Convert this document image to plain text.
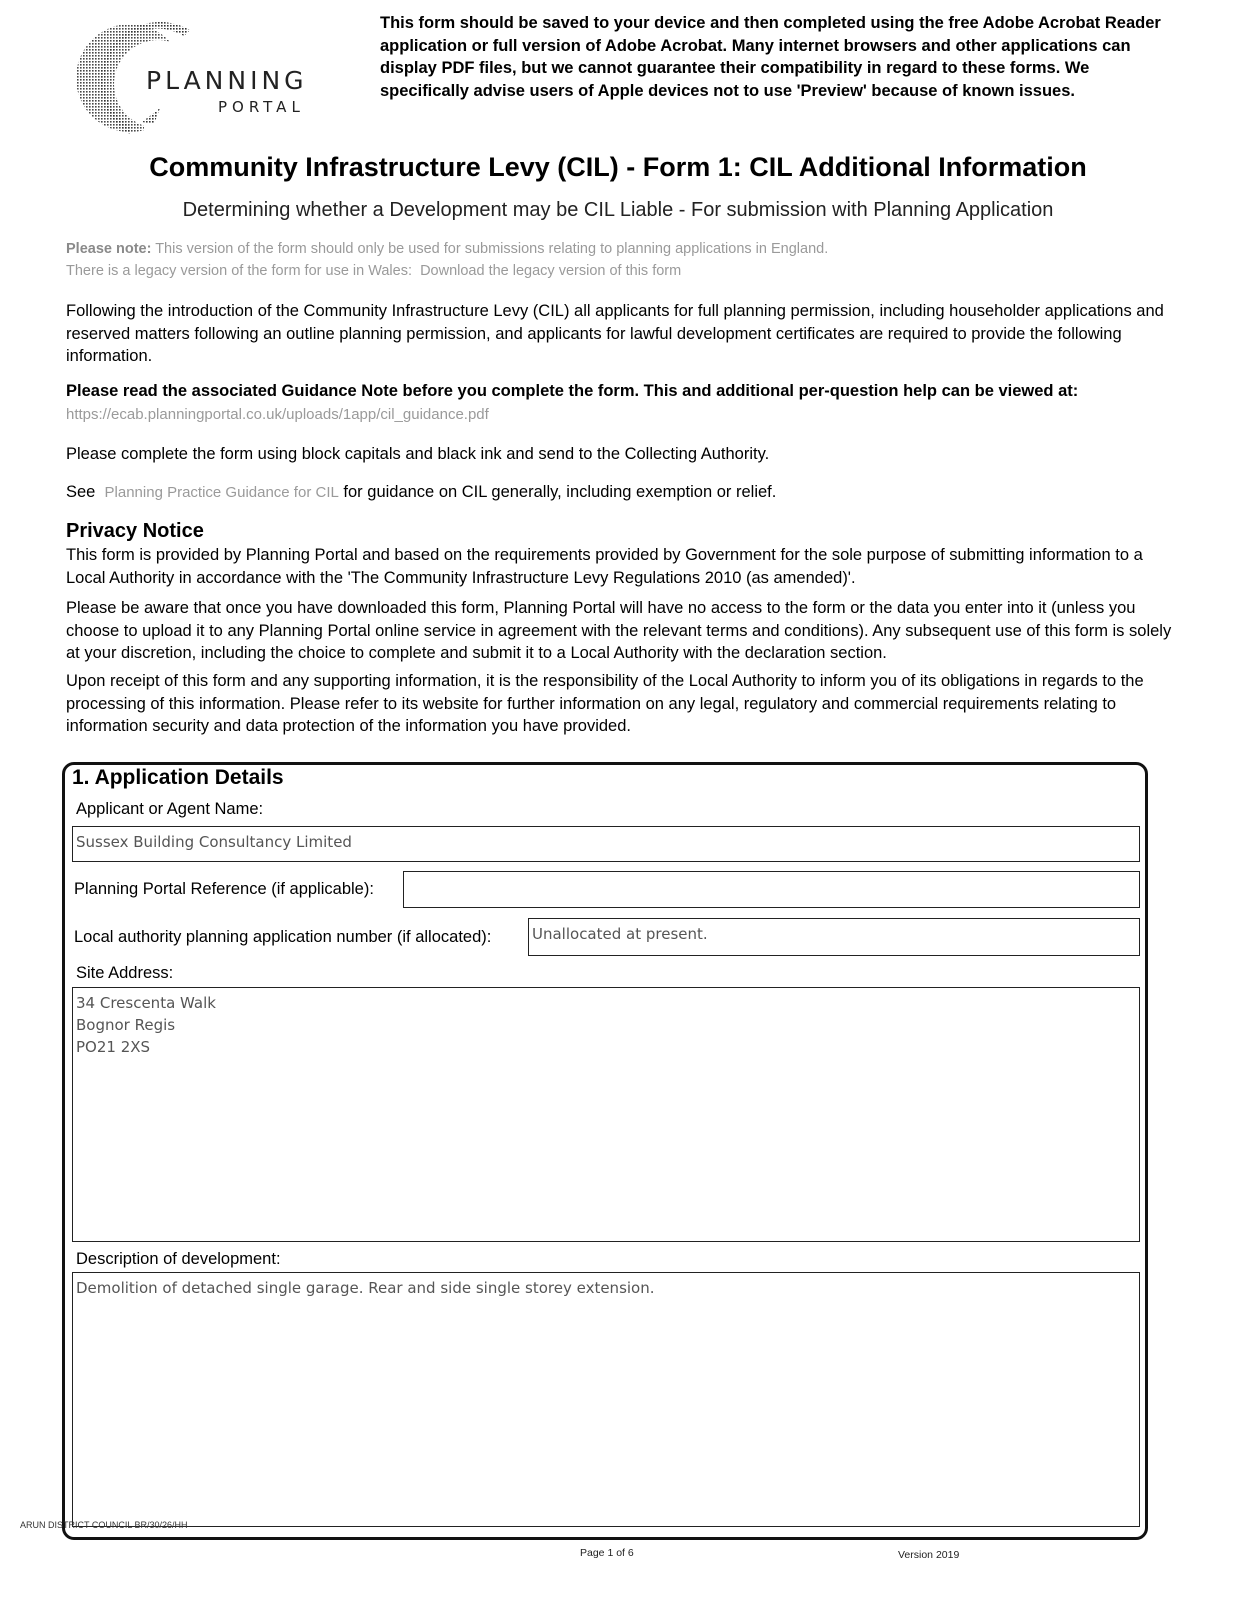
PLANNING
PORTAL
This form should be saved to your device and then completed using the free Adobe Acrobat Reader application or full version of Adobe Acrobat. Many internet browsers and other applications can display PDF files, but we cannot guarantee their compatibility in regard to these forms. We specifically advise users of Apple devices not to use 'Preview' because of known issues.
Community Infrastructure Levy (CIL) - Form 1: CIL Additional Information
Determining whether a Development may be CIL Liable - For submission with Planning Application
Please note: This version of the form should only be used for submissions relating to planning applications in England.
There is a legacy version of the form for use in Wales: Download the legacy version of this form
Following the introduction of the Community Infrastructure Levy (CIL) all applicants for full planning permission, including householder applications and reserved matters following an outline planning permission, and applicants for lawful development certificates are required to provide the following information.
Please read the associated Guidance Note before you complete the form. This and additional per-question help can be viewed at:
https://ecab.planningportal.co.uk/uploads/1app/cil_guidance.pdf
Please complete the form using block capitals and black ink and send to the Collecting Authority.
See Planning Practice Guidance for CIL for guidance on CIL generally, including exemption or relief.
Privacy Notice
This form is provided by Planning Portal and based on the requirements provided by Government for the sole purpose of submitting information to a Local Authority in accordance with the 'The Community Infrastructure Levy Regulations 2010 (as amended)'.
Please be aware that once you have downloaded this form, Planning Portal will have no access to the form or the data you enter into it (unless you choose to upload it to any Planning Portal online service in agreement with the relevant terms and conditions). Any subsequent use of this form is solely at your discretion, including the choice to complete and submit it to a Local Authority with the declaration section.
Upon receipt of this form and any supporting information, it is the responsibility of the Local Authority to inform you of its obligations in regards to the processing of this information. Please refer to its website for further information on any legal, regulatory and commercial requirements relating to information security and data protection of the information you have provided.
1. Application Details
Applicant or Agent Name:
Sussex Building Consultancy Limited
Planning Portal Reference (if applicable):
Local authority planning application number (if allocated):	Unallocated at present.
Site Address:
34 Crescenta Walk
Bognor Regis
PO21 2XS
Description of development:
Demolition of detached single garage. Rear and side single storey extension.
ARUN DISTRICT COUNCIL BR/30/26/HH
Page 1 of 6	Version 2019
